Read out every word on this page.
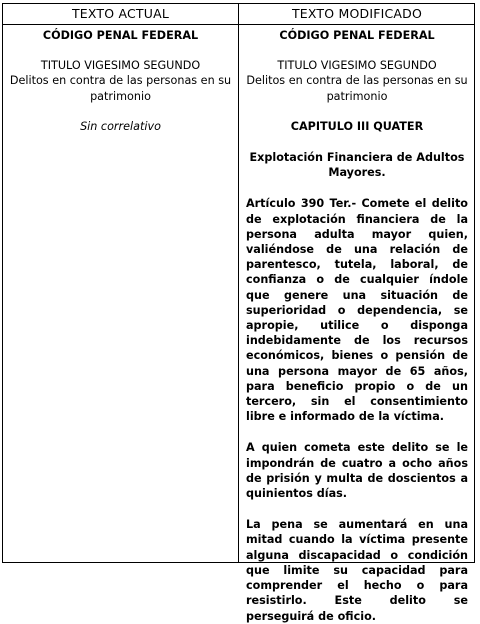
TEXTO ACTUAL	TEXTO MODIFICADO

CÓDIGO PENAL FEDERAL

TITULO VIGESIMO SEGUNDO

Delitos en contra de las personas en su patrimonio

Sin correlativo

CÓDIGO PENAL FEDERAL

TITULO VIGESIMO SEGUNDO

Delitos en contra de las personas en su patrimonio

CAPITULO III QUATER

Explotación Financiera de Adultos Mayores.

Artículo 390 Ter.- Comete el delito de explotación financiera de la persona adulta mayor quien, valiéndose de una relación de parentesco, tutela, laboral, de confianza o de cualquier índole que genere una situación de superioridad o dependencia, se apropie, utilice o disponga indebidamente de los recursos económicos, bienes o pensión de una persona mayor de 65 años, para beneficio propio o de un tercero, sin el consentimiento libre e informado de la víctima.

A quien cometa este delito se le impondrán de cuatro a ocho años de prisión y multa de doscientos a quinientos días.

La pena se aumentará en una mitad cuando la víctima presente alguna discapacidad o condición que limite su capacidad para comprender el hecho o para resistirlo. Este delito se perseguirá de oficio.
